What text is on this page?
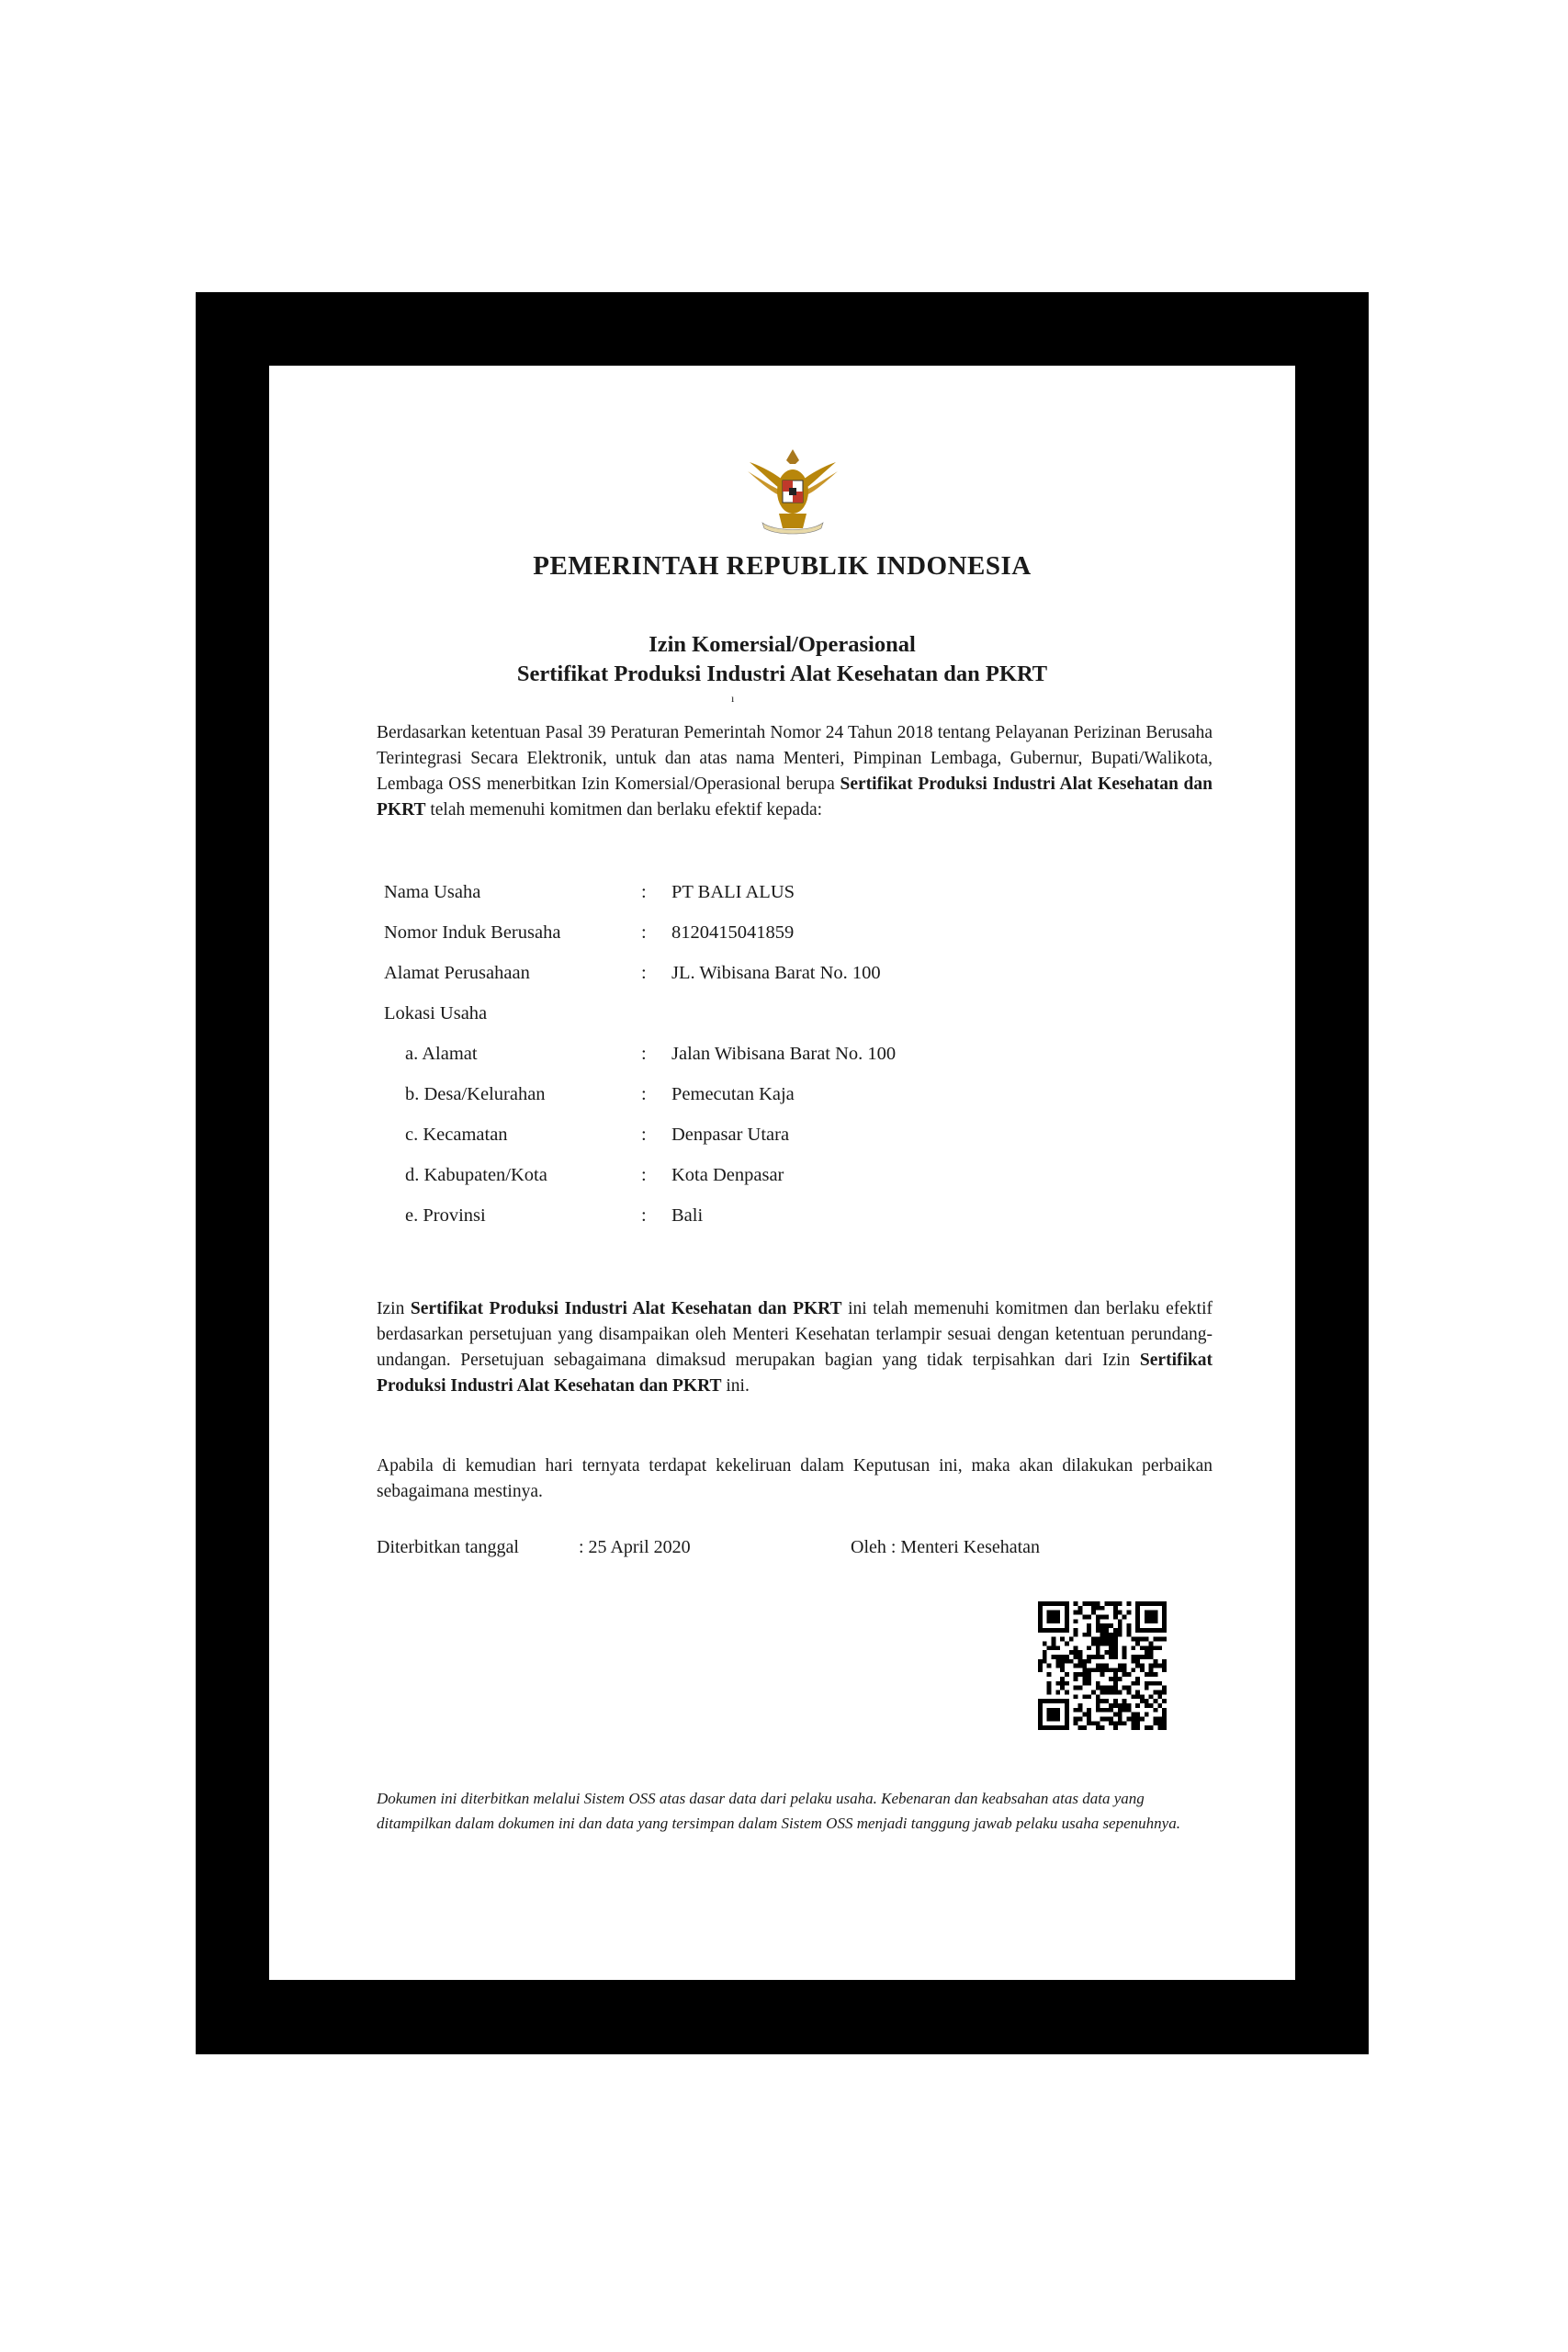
PEMERINTAH REPUBLIK INDONESIA
Izin Komersial/Operasional
Sertifikat Produksi Industri Alat Kesehatan dan PKRT
ı
Berdasarkan ketentuan Pasal 39 Peraturan Pemerintah Nomor 24 Tahun 2018 tentang Pelayanan Perizinan Berusaha Terintegrasi Secara Elektronik, untuk dan atas nama Menteri, Pimpinan Lembaga, Gubernur, Bupati/Walikota, Lembaga OSS menerbitkan Izin Komersial/Operasional berupa Sertifikat Produksi Industri Alat Kesehatan dan PKRT telah memenuhi komitmen dan berlaku efektif kepada:
Nama Usaha	: PT BALI ALUS
Nomor Induk Berusaha	: 8120415041859
Alamat Perusahaan	: JL. Wibisana Barat No. 100
Lokasi Usaha
a. Alamat	: Jalan Wibisana Barat No. 100
b. Desa/Kelurahan	: Pemecutan Kaja
c. Kecamatan	: Denpasar Utara
d. Kabupaten/Kota	: Kota Denpasar
e. Provinsi	: Bali
Izin Sertifikat Produksi Industri Alat Kesehatan dan PKRT ini telah memenuhi komitmen dan berlaku efektif berdasarkan persetujuan yang disampaikan oleh Menteri Kesehatan terlampir sesuai dengan ketentuan perundang-undangan. Persetujuan sebagaimana dimaksud merupakan bagian yang tidak terpisahkan dari Izin Sertifikat Produksi Industri Alat Kesehatan dan PKRT ini.
Apabila di kemudian hari ternyata terdapat kekeliruan dalam Keputusan ini, maka akan dilakukan perbaikan sebagaimana mestinya.
Diterbitkan tanggal	: 25 April 2020	Oleh : Menteri Kesehatan
Dokumen ini diterbitkan melalui Sistem OSS atas dasar data dari pelaku usaha. Kebenaran dan keabsahan atas data yang ditampilkan dalam dokumen ini dan data yang tersimpan dalam Sistem OSS menjadi tanggung jawab pelaku usaha sepenuhnya.
